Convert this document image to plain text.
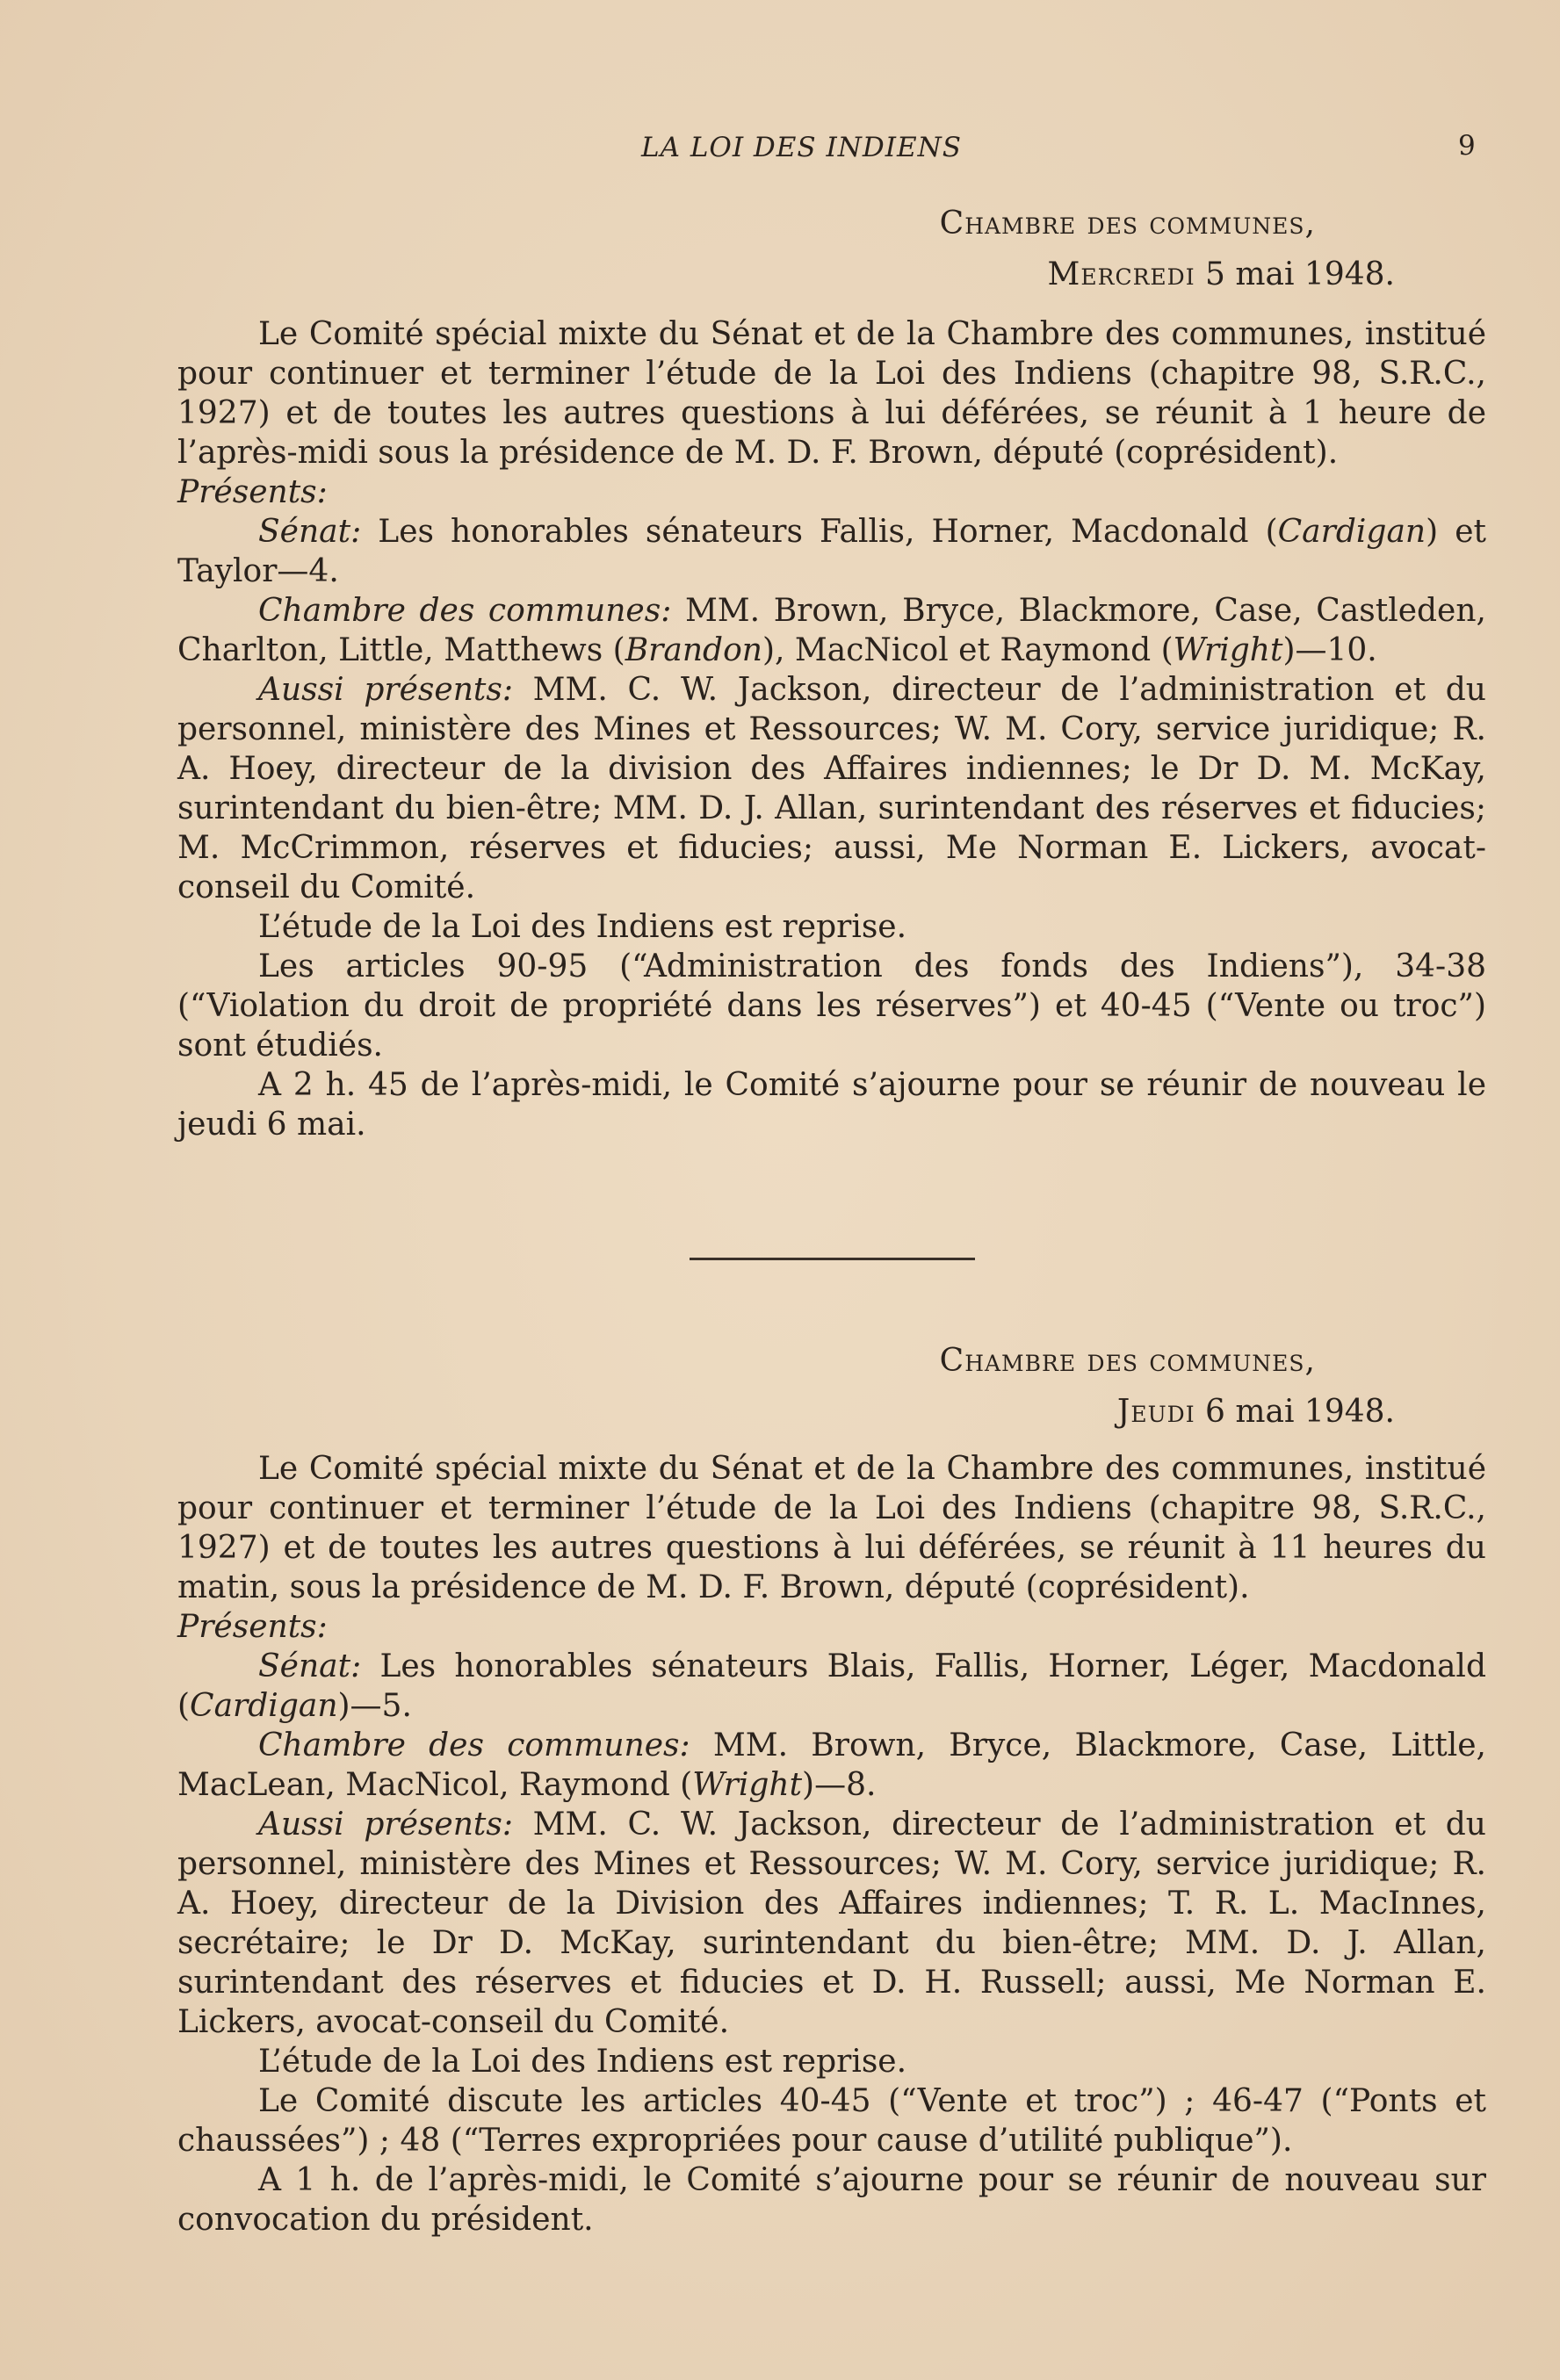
LA LOI DES INDIENS	9
Chambre des communes,
Mercredi 5 mai 1948.

Le Comité spécial mixte du Sénat et de la Chambre des communes, institué pour continuer et terminer l’étude de la Loi des Indiens (chapitre 98, S.R.C., 1927) et de toutes les autres questions à lui déférées, se réunit à 1 heure de l’après-midi sous la présidence de M. D. F. Brown, député (coprésident).

Présents:

Sénat: Les honorables sénateurs Fallis, Horner, Macdonald (Cardigan) et Taylor—4.

Chambre des communes: MM. Brown, Bryce, Blackmore, Case, Castleden, Charlton, Little, Matthews (Brandon), MacNicol et Raymond (Wright)—10.

Aussi présents: MM. C. W. Jackson, directeur de l’administration et du personnel, ministère des Mines et Ressources; W. M. Cory, service juridique; R. A. Hoey, directeur de la division des Affaires indiennes; le Dr D. M. McKay, surintendant du bien-être; MM. D. J. Allan, surintendant des réserves et fiducies; M. McCrimmon, réserves et fiducies; aussi, Me Norman E. Lickers, avocat-conseil du Comité.

L’étude de la Loi des Indiens est reprise.

Les articles 90-95 (“Administration des fonds des Indiens”), 34-38 (“Violation du droit de propriété dans les réserves”) et 40-45 (“Vente ou troc”) sont étudiés.

A 2 h. 45 de l’après-midi, le Comité s’ajourne pour se réunir de nouveau le jeudi 6 mai.

Chambre des communes,
Jeudi 6 mai 1948.

Le Comité spécial mixte du Sénat et de la Chambre des communes, institué pour continuer et terminer l’étude de la Loi des Indiens (chapitre 98, S.R.C., 1927) et de toutes les autres questions à lui déférées, se réunit à 11 heures du matin, sous la présidence de M. D. F. Brown, député (coprésident).

Présents:

Sénat: Les honorables sénateurs Blais, Fallis, Horner, Léger, Macdonald (Cardigan)—5.

Chambre des communes: MM. Brown, Bryce, Blackmore, Case, Little, MacLean, MacNicol, Raymond (Wright)—8.

Aussi présents: MM. C. W. Jackson, directeur de l’administration et du personnel, ministère des Mines et Ressources; W. M. Cory, service juridique; R. A. Hoey, directeur de la Division des Affaires indiennes; T. R. L. MacInnes, secrétaire; le Dr D. McKay, surintendant du bien-être; MM. D. J. Allan, surintendant des réserves et fiducies et D. H. Russell; aussi, Me Norman E. Lickers, avocat-conseil du Comité.

L’étude de la Loi des Indiens est reprise.

Le Comité discute les articles 40-45 (“Vente et troc”) ; 46-47 (“Ponts et chaussées”) ; 48 (“Terres expropriées pour cause d’utilité publique”).

A 1 h. de l’après-midi, le Comité s’ajourne pour se réunir de nouveau sur convocation du président.
